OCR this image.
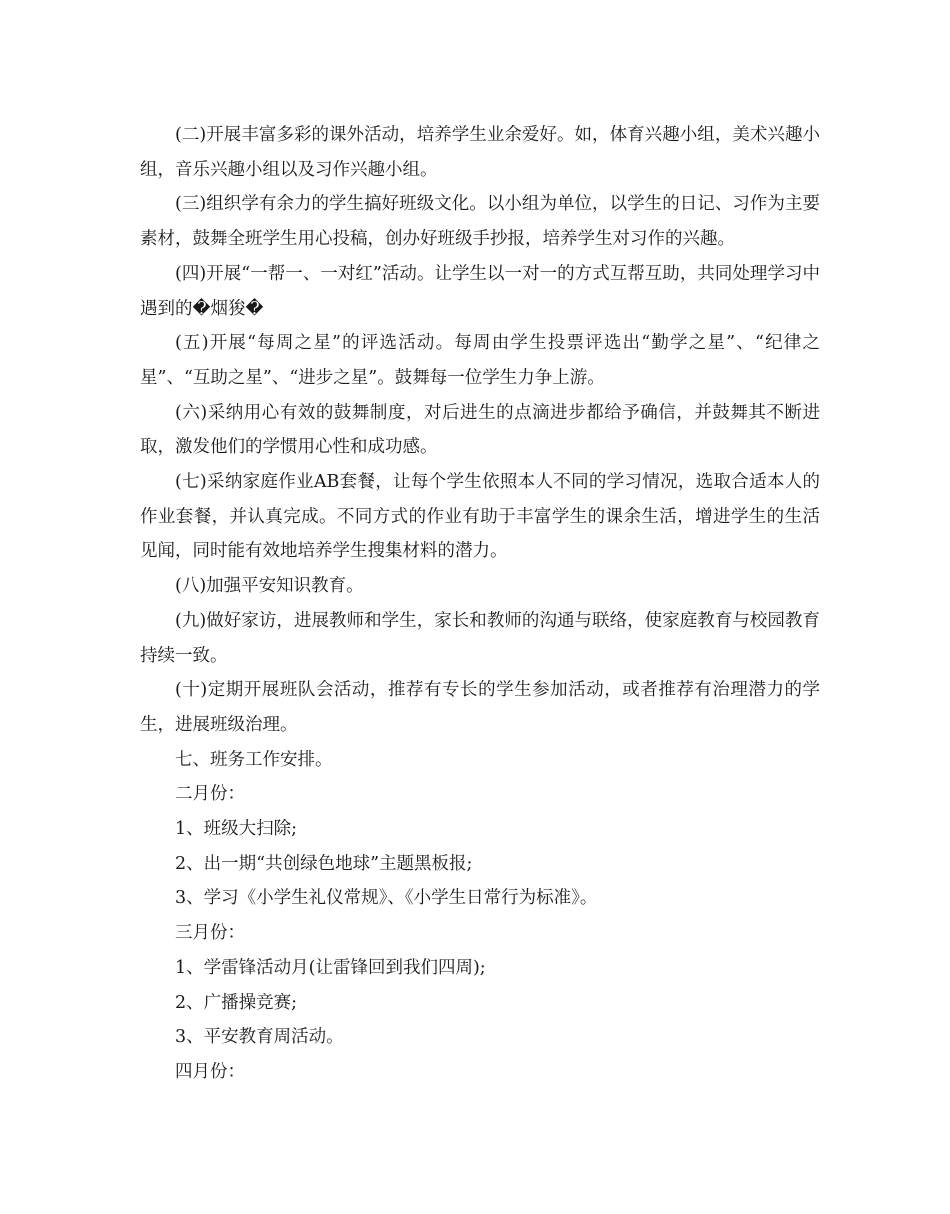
(二)开展丰富多彩的课外活动，培养学生业余爱好。如，体育兴趣小组，美术兴趣小组，音乐兴趣小组以及习作兴趣小组。

(三)组织学有余力的学生搞好班级文化。以小组为单位，以学生的日记、习作为主要素材，鼓舞全班学生用心投稿，创办好班级手抄报，培养学生对习作的兴趣。

(四)开展“一帮一、一对红”活动。让学生以一对一的方式互帮互助，共同处理学习中遇到的�烟狻�

(五)开展“每周之星”的评选活动。每周由学生投票评选出“勤学之星”、“纪律之星”、“互助之星”、“进步之星”。鼓舞每一位学生力争上游。

(六)采纳用心有效的鼓舞制度，对后进生的点滴进步都给予确信，并鼓舞其不断进取，激发他们的学惯用心性和成功感。

(七)采纳家庭作业AB套餐，让每个学生依照本人不同的学习情况，选取合适本人的作业套餐，并认真完成。不同方式的作业有助于丰富学生的课余生活，增进学生的生活见闻，同时能有效地培养学生搜集材料的潜力。

(八)加强平安知识教育。

(九)做好家访，进展教师和学生，家长和教师的沟通与联络，使家庭教育与校园教育持续一致。

(十)定期开展班队会活动，推荐有专长的学生参加活动，或者推荐有治理潜力的学生，进展班级治理。

七、班务工作安排。

二月份：

1、班级大扫除;

2、出一期“共创绿色地球”主题黑板报;

3、学习《小学生礼仪常规》、《小学生日常行为标准》。

三月份：

1、学雷锋活动月(让雷锋回到我们四周);

2、广播操竞赛;

3、平安教育周活动。

四月份：
